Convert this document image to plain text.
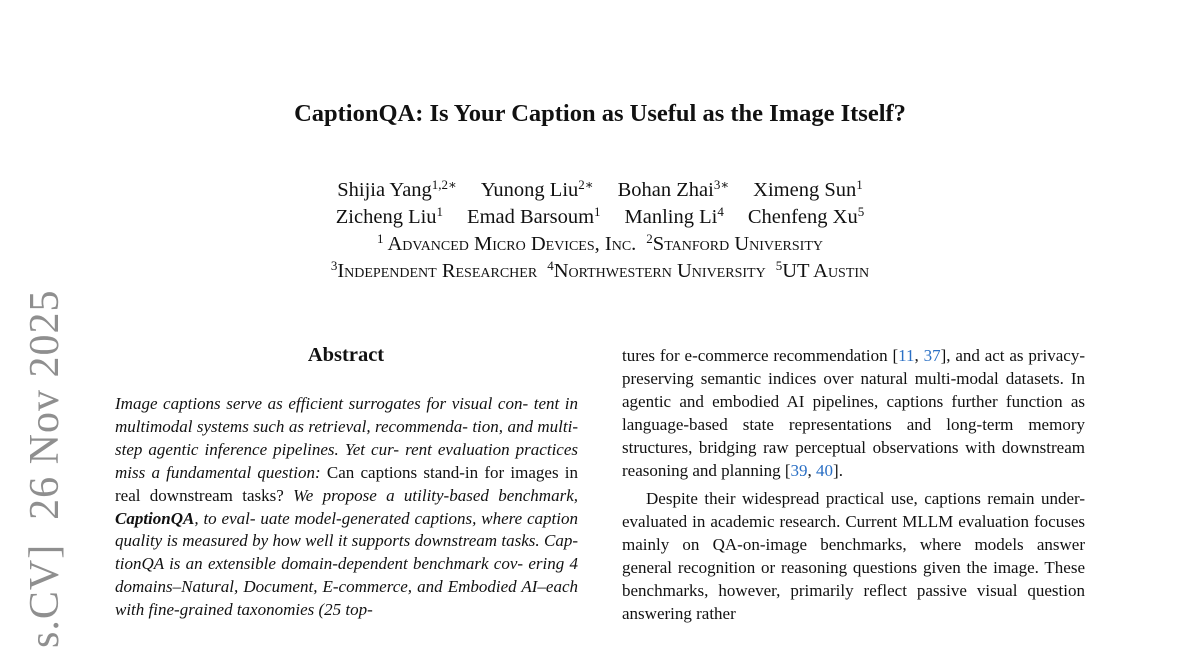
s.CV]26 Nov 2025
CaptionQA: Is Your Caption as Useful as the Image Itself?
Shijia Yang$^{1,2∗}$ Yunong Liu$^{2∗}$ Bohan Zhai$^{3∗}$ Ximeng Sun$^1$
Zicheng Liu$^1$ Emad Barsoum$^1$ Manling Li$^4$ Chenfeng Xu$^5$
$^1$ Advanced Micro Devices, Inc. $^2$Stanford University
$^3$Independent Researcher $^4$Northwestern University $^5$UT Austin
Abstract
Image captions serve as efficient surrogates for visual con- tent in multimodal systems such as retrieval, recommenda- tion, and multi-step agentic inference pipelines. Yet cur- rent evaluation practices miss a fundamental question: Can captions stand-in for images in real downstream tasks? We propose a utility-based benchmark, CaptionQA, to eval- uate model-generated captions, where caption quality is measured by how well it supports downstream tasks. Cap- tionQA is an extensible domain-dependent benchmark cov- ering 4 domains–Natural, Document, E-commerce, and Embodied AI–each with fine-grained taxonomies (25 top-

tures for e-commerce recommendation [11, 37], and act as privacy-preserving semantic indices over natural multi-modal datasets. In agentic and embodied AI pipelines, captions further function as language-based state representations and long-term memory structures, bridging raw perceptual observations with downstream reasoning and planning [39, 40].

Despite their widespread practical use, captions remain under-evaluated in academic research. Current MLLM evaluation focuses mainly on QA-on-image benchmarks, where models answer general recognition or reasoning questions given the image. These benchmarks, however, primarily reflect passive visual question answering rather
